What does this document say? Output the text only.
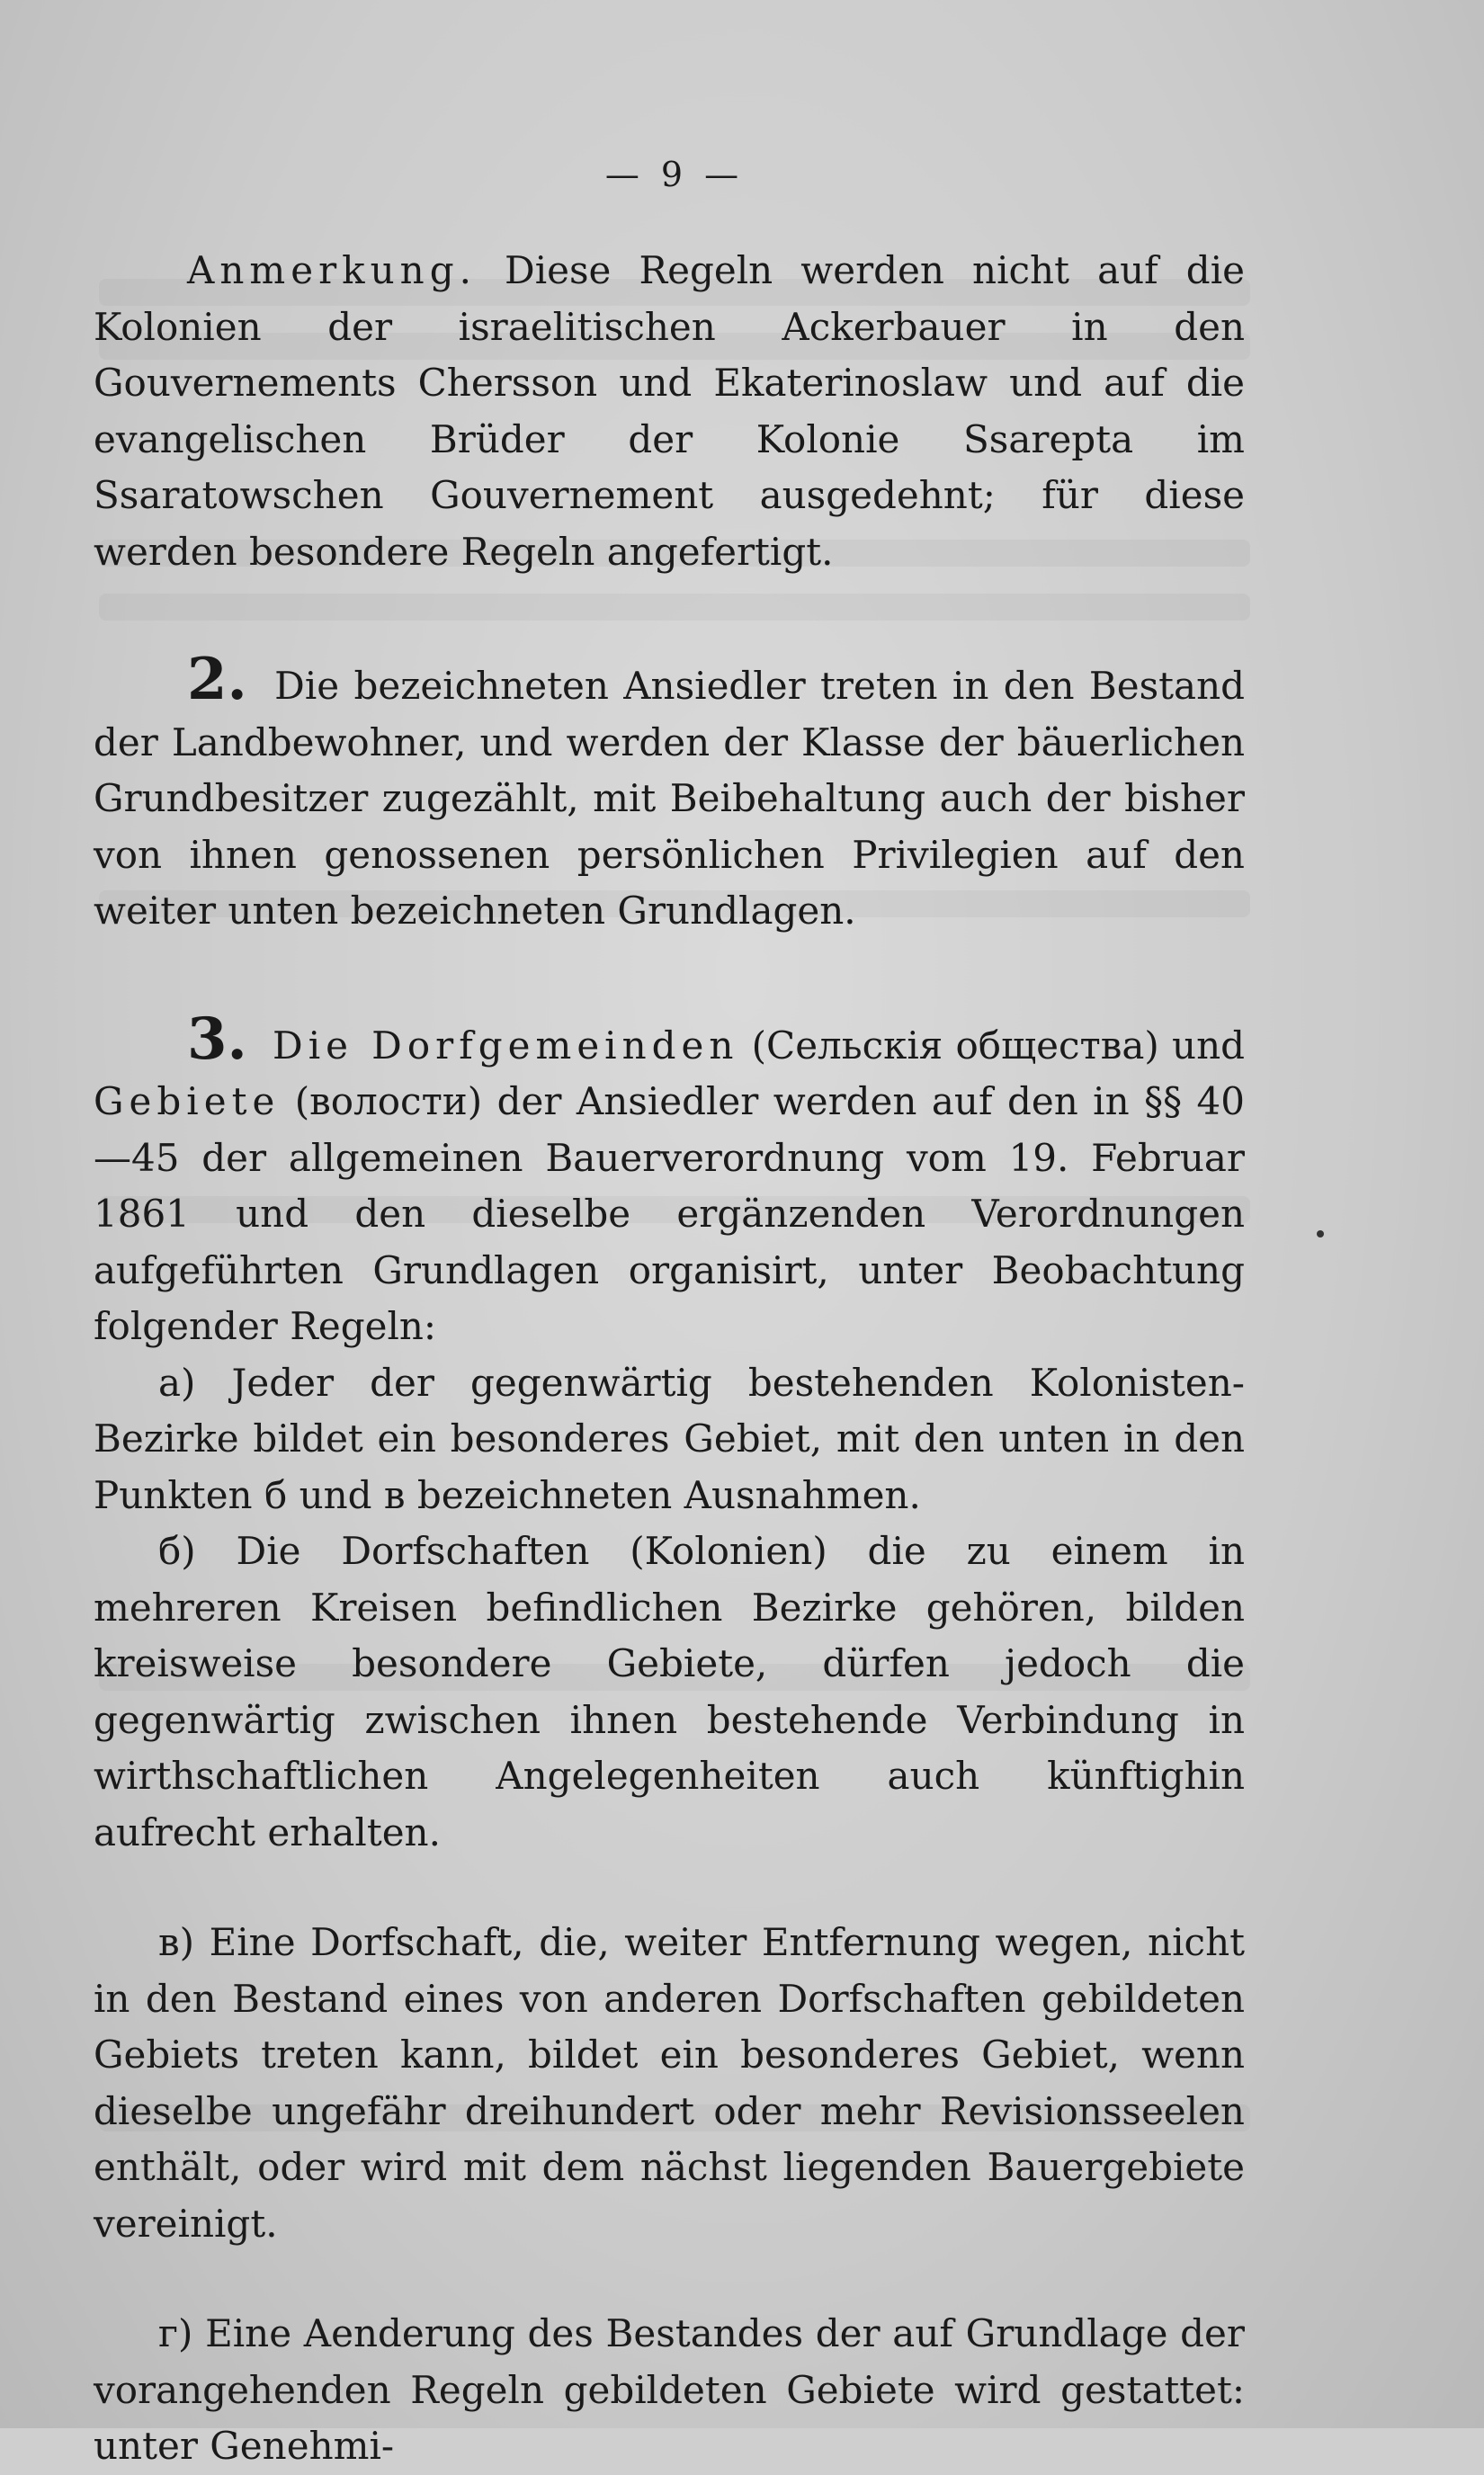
— 9 —

Anmerkung. Diese Regeln werden nicht auf die Kolonien der israelitischen Ackerbauer in den Gouvernements Chersson und Ekaterinoslaw und auf die evangelischen Brüder der Kolonie Ssarepta im Ssaratowschen Gouvernement ausgedehnt; für diese werden besondere Regeln angefertigt.

2. Die bezeichneten Ansiedler treten in den Bestand der Landbewohner, und werden der Klasse der bäuerlichen Grundbesitzer zugezählt, mit Beibehaltung auch der bisher von ihnen genossenen persönlichen Privilegien auf den weiter unten bezeichneten Grundlagen.

3. Die Dorfgemeinden (Сельскія общества) und Gebiete (волости) der Ansiedler werden auf den in §§ 40—45 der allgemeinen Bauerverordnung vom 19. Februar 1861 und den dieselbe ergänzenden Verordnungen aufgeführten Grundlagen organisirt, unter Beobachtung folgender Regeln:

а) Jeder der gegenwärtig bestehenden Kolonisten-Bezirke bildet ein besonderes Gebiet, mit den unten in den Punkten б und в bezeichneten Ausnahmen.

б) Die Dorfschaften (Kolonien) die zu einem in mehreren Kreisen befindlichen Bezirke gehören, bilden kreisweise besondere Gebiete, dürfen jedoch die gegenwärtig zwischen ihnen bestehende Verbindung in wirthschaftlichen Angelegenheiten auch künftighin aufrecht erhalten.

в) Eine Dorfschaft, die, weiter Entfernung wegen, nicht in den Bestand eines von anderen Dorfschaften gebildeten Gebiets treten kann, bildet ein besonderes Gebiet, wenn dieselbe ungefähr dreihundert oder mehr Revisionsseelen enthält, oder wird mit dem nächst liegenden Bauergebiete vereinigt.

г) Eine Aenderung des Bestandes der auf Grundlage der vorangehenden Regeln gebildeten Gebiete wird gestattet: unter Genehmi-
